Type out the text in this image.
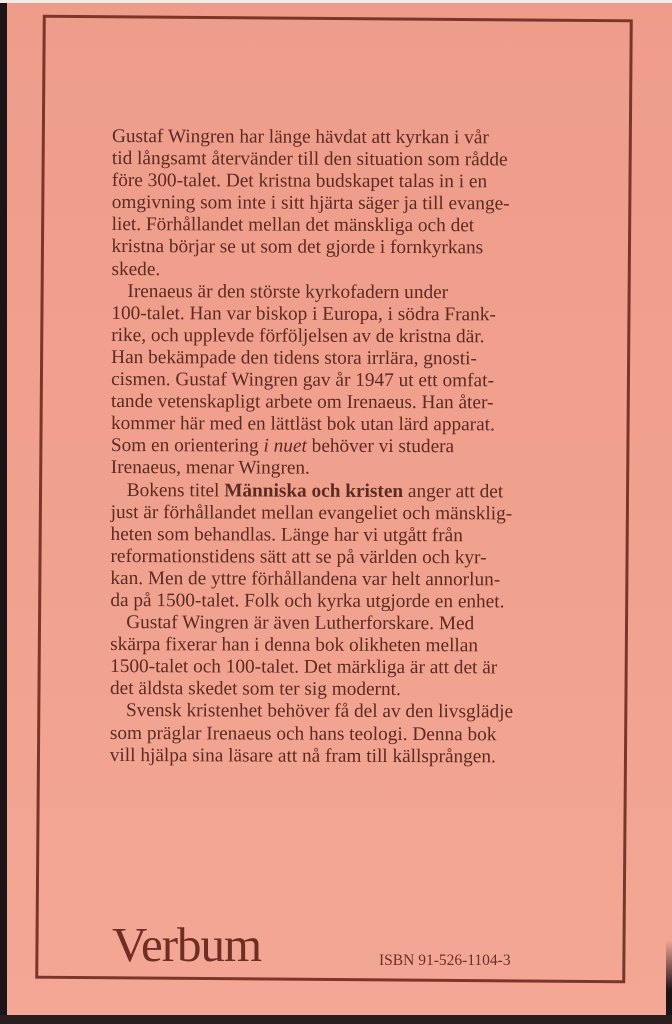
Gustaf Wingren har länge hävdat att kyrkan i vår
tid långsamt återvänder till den situation som rådde
före 300-talet. Det kristna budskapet talas in i en
omgivning som inte i sitt hjärta säger ja till evange-
liet. Förhållandet mellan det mänskliga och det
kristna börjar se ut som det gjorde i fornkyrkans
skede.
Irenaeus är den störste kyrkofadern under
100-talet. Han var biskop i Europa, i södra Frank-
rike, och upplevde förföljelsen av de kristna där.
Han bekämpade den tidens stora irrlära, gnosti-
cismen. Gustaf Wingren gav år 1947 ut ett omfat-
tande vetenskapligt arbete om Irenaeus. Han åter-
kommer här med en lättläst bok utan lärd apparat.
Som en orientering i nuet behöver vi studera
Irenaeus, menar Wingren.
Bokens titel Människa och kristen anger att det
just är förhållandet mellan evangeliet och mänsklig-
heten som behandlas. Länge har vi utgått från
reformationstidens sätt att se på världen och kyr-
kan. Men de yttre förhållandena var helt annorlun-
da på 1500-talet. Folk och kyrka utgjorde en enhet.
Gustaf Wingren är även Lutherforskare. Med
skärpa fixerar han i denna bok olikheten mellan
1500-talet och 100-talet. Det märkliga är att det är
det äldsta skedet som ter sig modernt.
Svensk kristenhet behöver få del av den livsglädje
som präglar Irenaeus och hans teologi. Denna bok
vill hjälpa sina läsare att nå fram till källsprången.
Verbum	ISBN 91-526-1104-3
